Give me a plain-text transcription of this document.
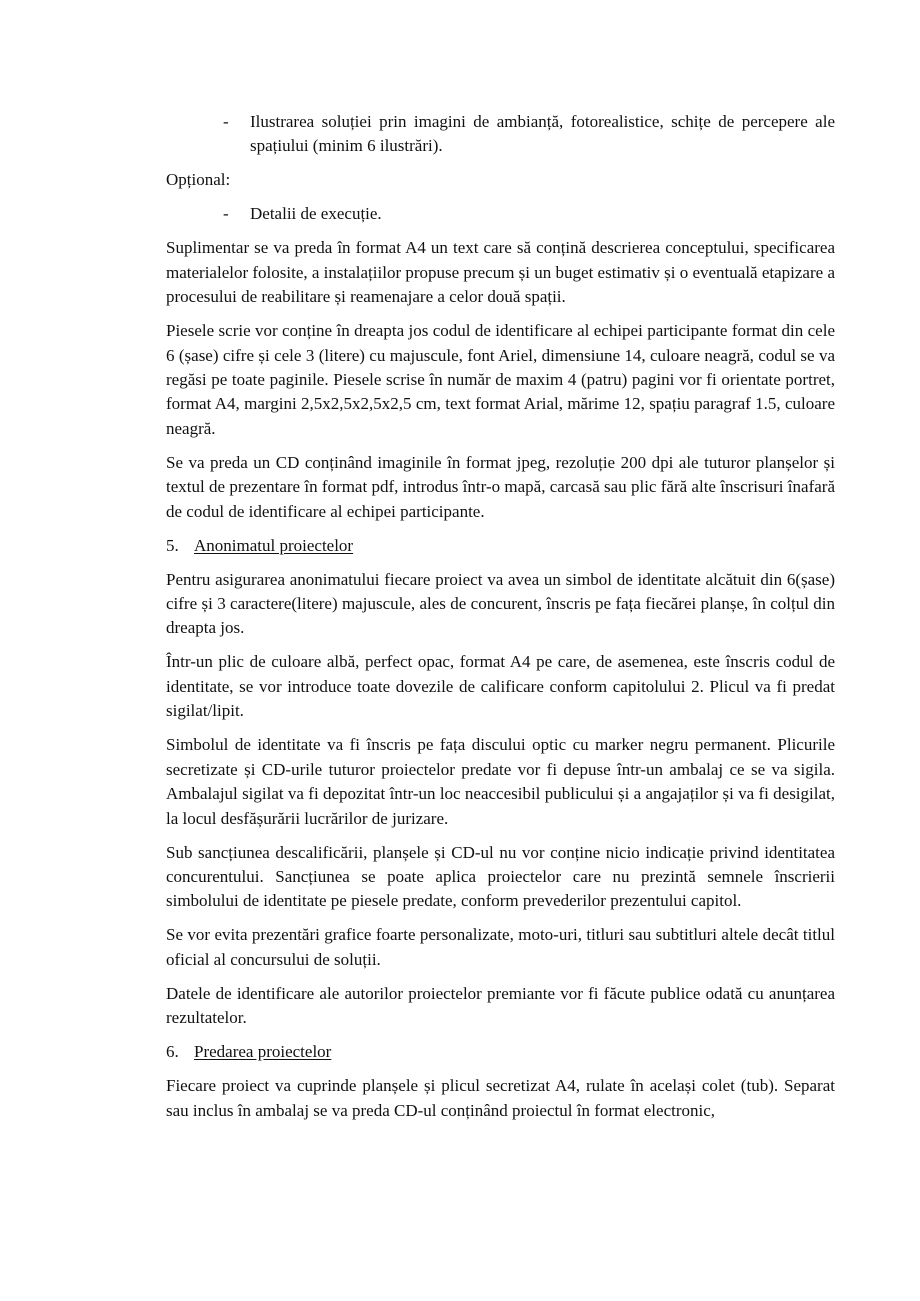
-	Ilustrarea soluției prin imagini de ambianță, fotorealistice, schițe de percepere ale spațiului (minim 6 ilustrări).
Opțional:
-	Detalii de execuție.

Suplimentar se va preda în format A4 un text care să conțină descrierea conceptului, specificarea materialelor folosite, a instalațiilor propuse precum și un buget estimativ și o eventuală etapizare a procesului de reabilitare și reamenajare a celor două spații.

Piesele scrie vor conține în dreapta jos codul de identificare al echipei participante format din cele 6 (șase) cifre și cele 3 (litere) cu majuscule, font Ariel, dimensiune 14, culoare neagră, codul se va regăsi pe toate paginile. Piesele scrise în număr de maxim 4 (patru) pagini vor fi orientate portret, format A4, margini 2,5x2,5x2,5x2,5 cm, text format Arial, mărime 12, spațiu paragraf 1.5, culoare neagră.

Se va preda un CD conținând imaginile în format jpeg, rezoluție 200 dpi ale tuturor planșelor și textul de prezentare în format pdf, introdus într-o mapă, carcasă sau plic fără alte înscrisuri înafară de codul de identificare al echipei participante.

5. Anonimatul proiectelor

Pentru asigurarea anonimatului fiecare proiect va avea un simbol de identitate alcătuit din 6(șase) cifre și 3 caractere(litere) majuscule, ales de concurent, înscris pe fața fiecărei planșe, în colțul din dreapta jos.

Într-un plic de culoare albă, perfect opac, format A4 pe care, de asemenea, este înscris codul de identitate, se vor introduce toate dovezile de calificare conform capitolului 2. Plicul va fi predat sigilat/lipit.

Simbolul de identitate va fi înscris pe fața discului optic cu marker negru permanent. Plicurile secretizate și CD-urile tuturor proiectelor predate vor fi depuse într-un ambalaj ce se va sigila. Ambalajul sigilat va fi depozitat într-un loc neaccesibil publicului și a angajaților și va fi desigilat, la locul desfășurării lucrărilor de jurizare.

Sub sancțiunea descalificării, planșele și CD-ul nu vor conține nicio indicație privind identitatea concurentului. Sancțiunea se poate aplica proiectelor care nu prezintă semnele înscrierii simbolului de identitate pe piesele predate, conform prevederilor prezentului capitol.

Se vor evita prezentări grafice foarte personalizate, moto-uri, titluri sau subtitluri altele decât titlul oficial al concursului de soluții.

Datele de identificare ale autorilor proiectelor premiante vor fi făcute publice odată cu anunțarea rezultatelor.

6. Predarea proiectelor

Fiecare proiect va cuprinde planșele și plicul secretizat A4, rulate în același colet (tub). Separat sau inclus în ambalaj se va preda CD-ul conținând proiectul în format electronic,
